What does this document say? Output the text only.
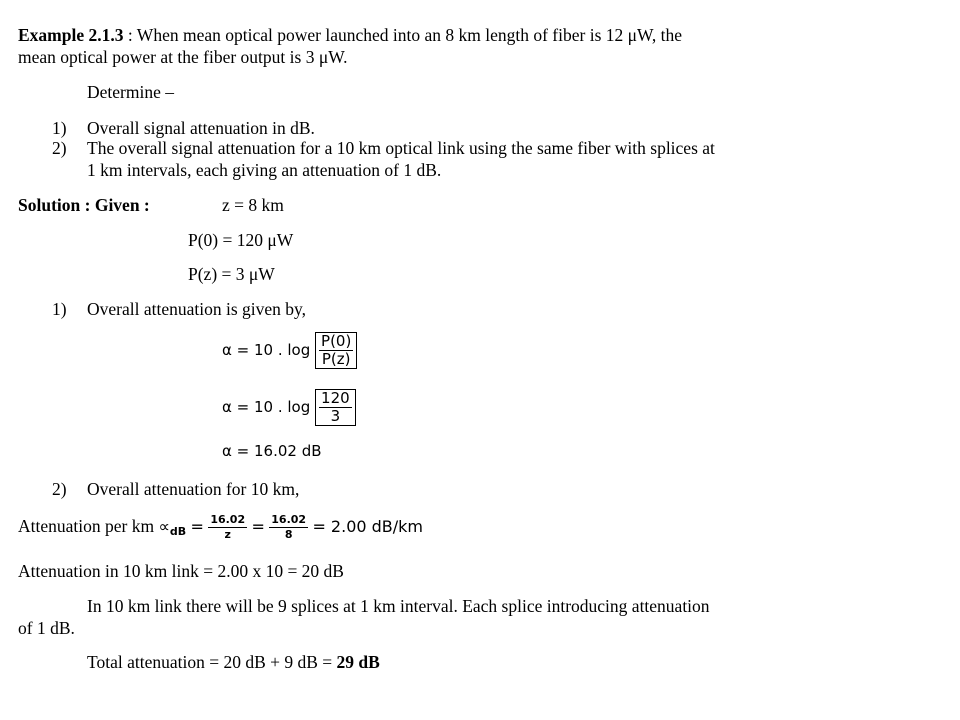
Example 2.1.3 : When mean optical power launched into an 8 km length of fiber is 12 μW, the
mean optical power at the fiber output is 3 μW.
Determine –
1) Overall signal attenuation in dB.
2) The overall signal attenuation for a 10 km optical link using the same fiber with splices at
1 km intervals, each giving an attenuation of 1 dB.
Solution : Given :	z = 8 km
P(0) = 120 μW
P(z) = 3 μW
1) Overall attenuation is given by,
α = 10 . $\log \frac{P(0)}{P(z)}$
α = 10 . $\log \frac{120}{3}$
α = 16.02 dB
2) Overall attenuation for 10 km,
Attenuation per km $\propto_{dB} = \frac{16.02}{z} = \frac{16.02}{8} = 2.00$ dB/km
Attenuation in 10 km link = 2.00 x 10 = 20 dB
In 10 km link there will be 9 splices at 1 km interval. Each splice introducing attenuation
of 1 dB.
Total attenuation = 20 dB + 9 dB = 29 dB
